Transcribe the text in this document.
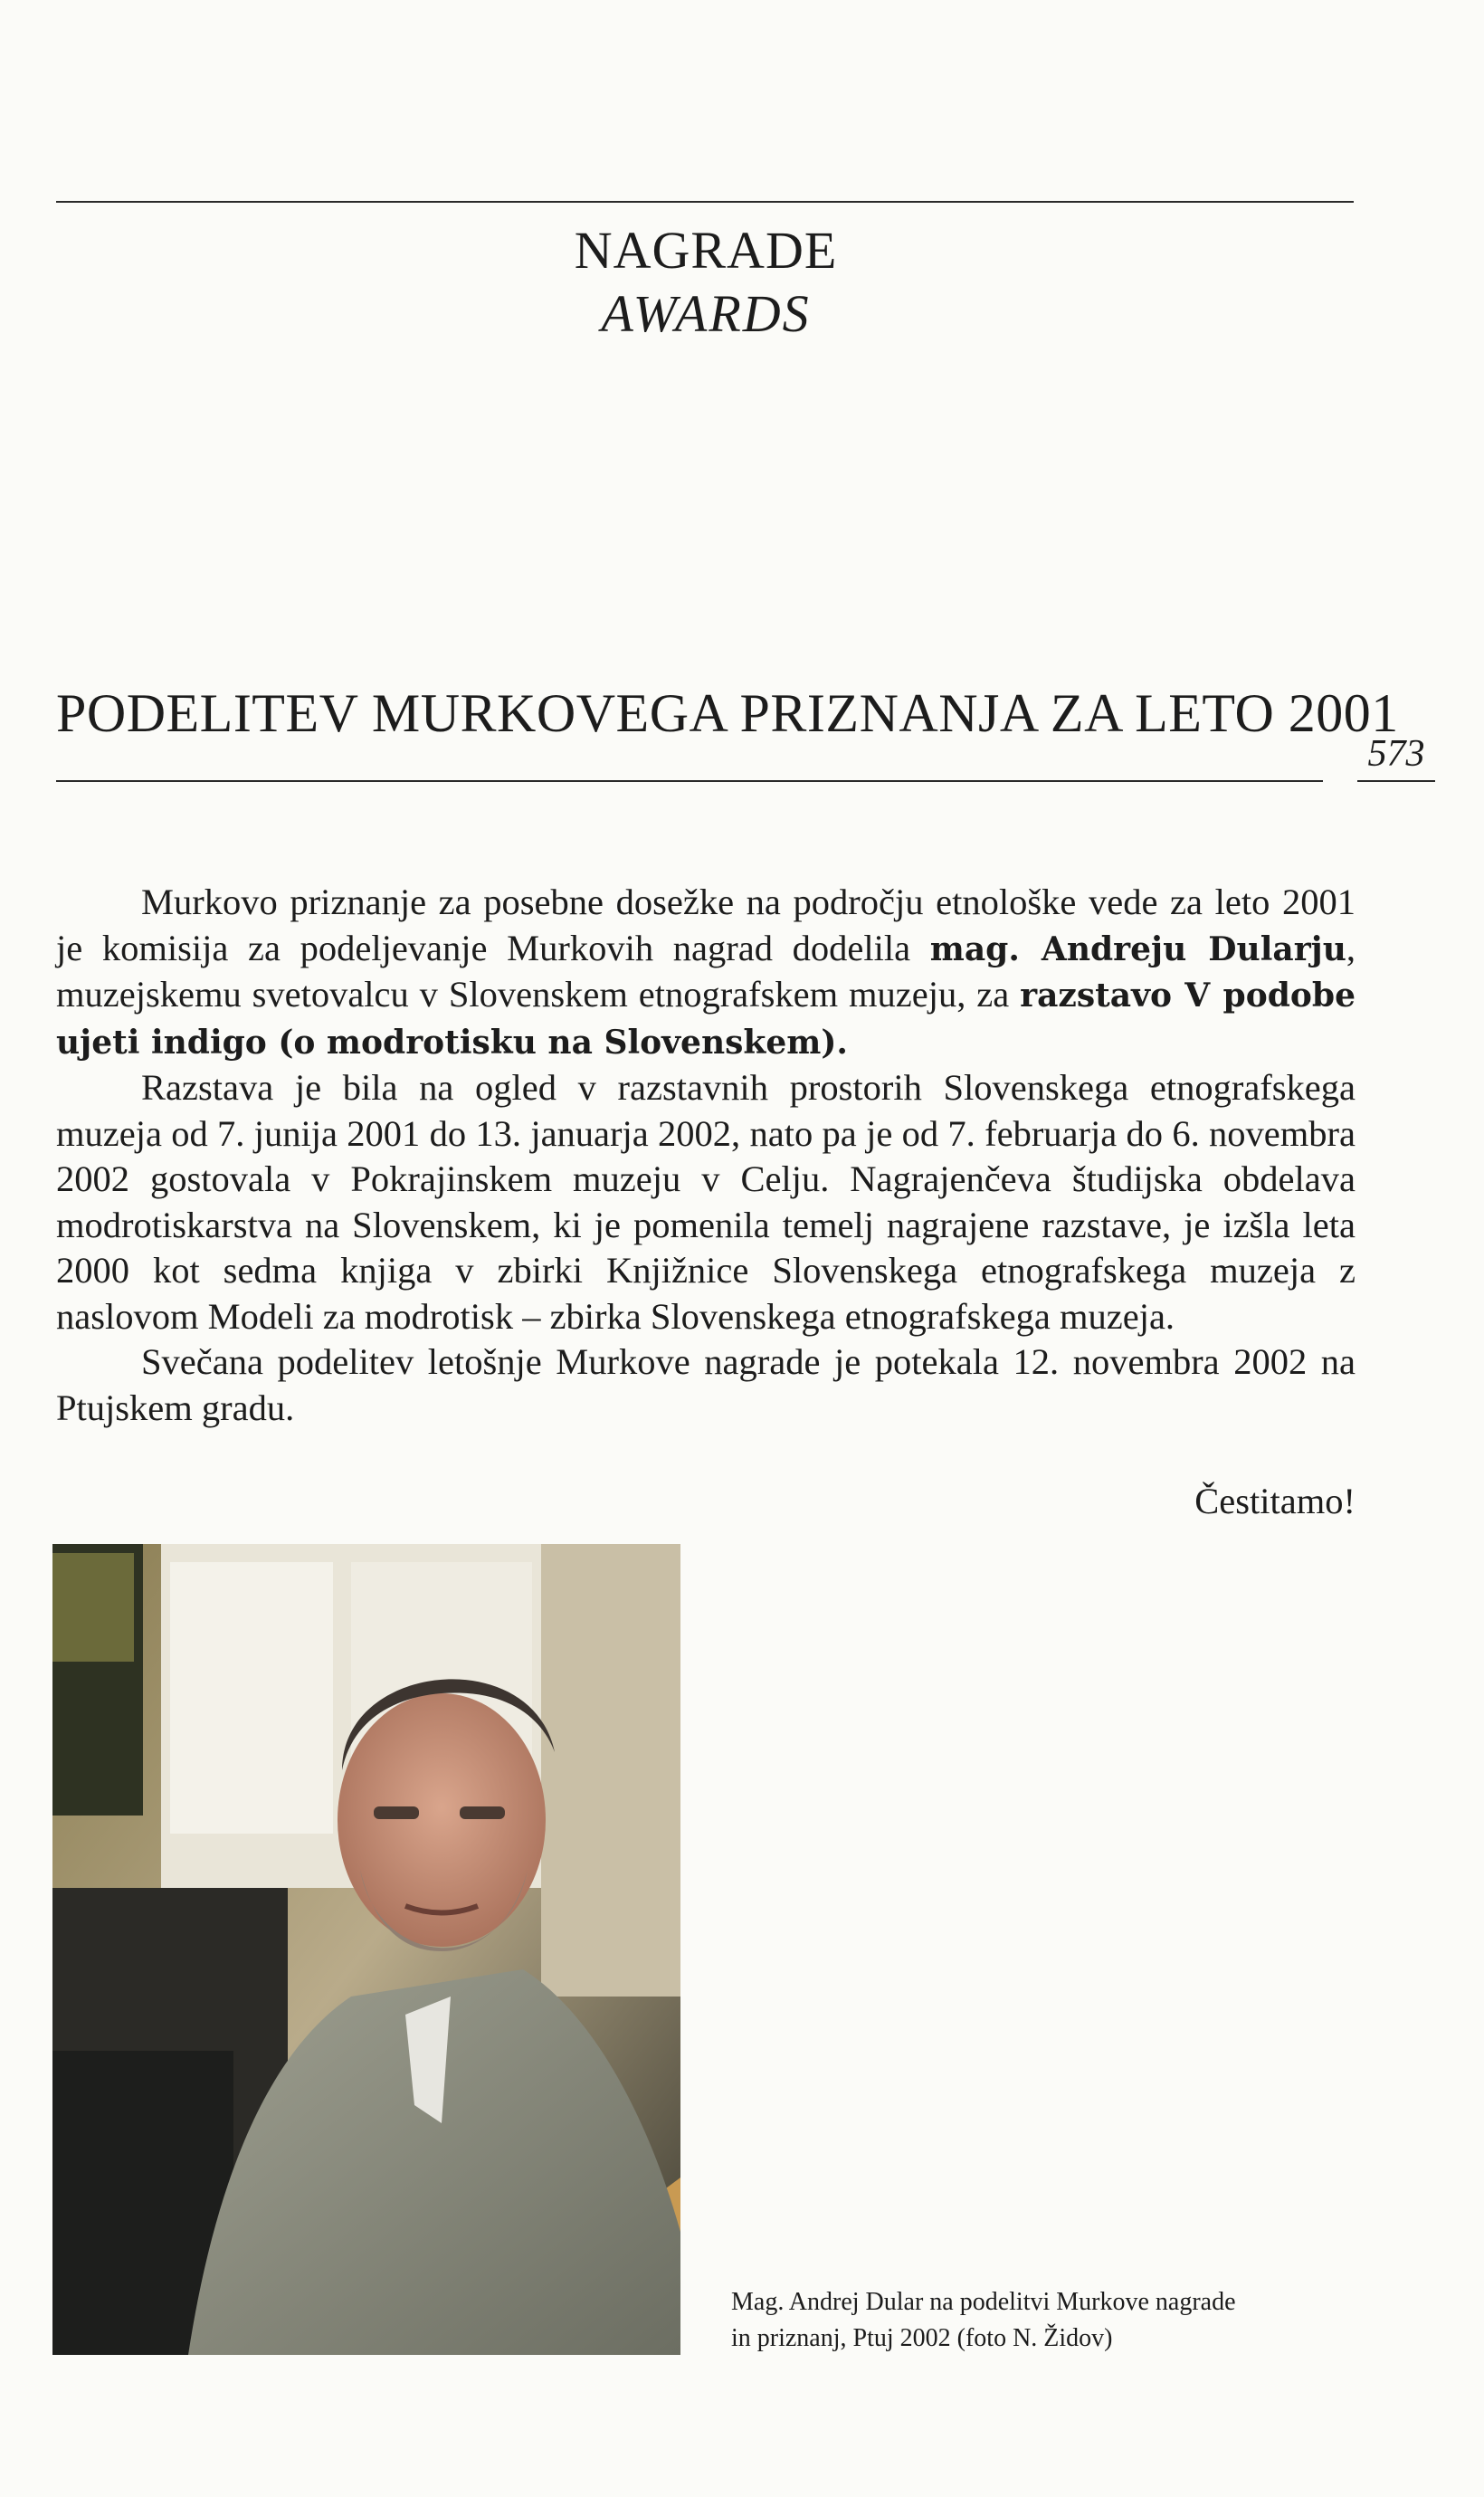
NAGRADE
AWARDS
PODELITEV MURKOVEGA PRIZNANJA ZA LETO 2001
573

Murkovo priznanje za posebne dosežke na področju etnološke vede za leto 2001 je komisija za podeljevanje Murkovih nagrad dodelila mag. Andreju Dularju, muzejskemu svetovalcu v Slovenskem etnografskem muzeju, za razstavo V podobe ujeti indigo (o modrotisku na Slovenskem).

Razstava je bila na ogled v razstavnih prostorih Slovenskega etnografskega muzeja od 7. junija 2001 do 13. januarja 2002, nato pa je od 7. februarja do 6. novembra 2002 gostovala v Pokrajinskem muzeju v Celju. Nagrajenčeva študijska obdelava modrotiskarstva na Slovenskem, ki je pomenila temelj nagrajene razstave, je izšla leta 2000 kot sedma knjiga v zbirki Knjižnice Slovenskega etnografskega muzeja z naslovom Modeli za modrotisk – zbirka Slovenskega etnografskega muzeja.

Svečana podelitev letošnje Murkove nagrade je potekala 12. novembra 2002 na Ptujskem gradu.

Čestitamo!
Mag. Andrej Dular na podelitvi Murkove nagrade
in priznanj, Ptuj 2002 (foto N. Židov)
